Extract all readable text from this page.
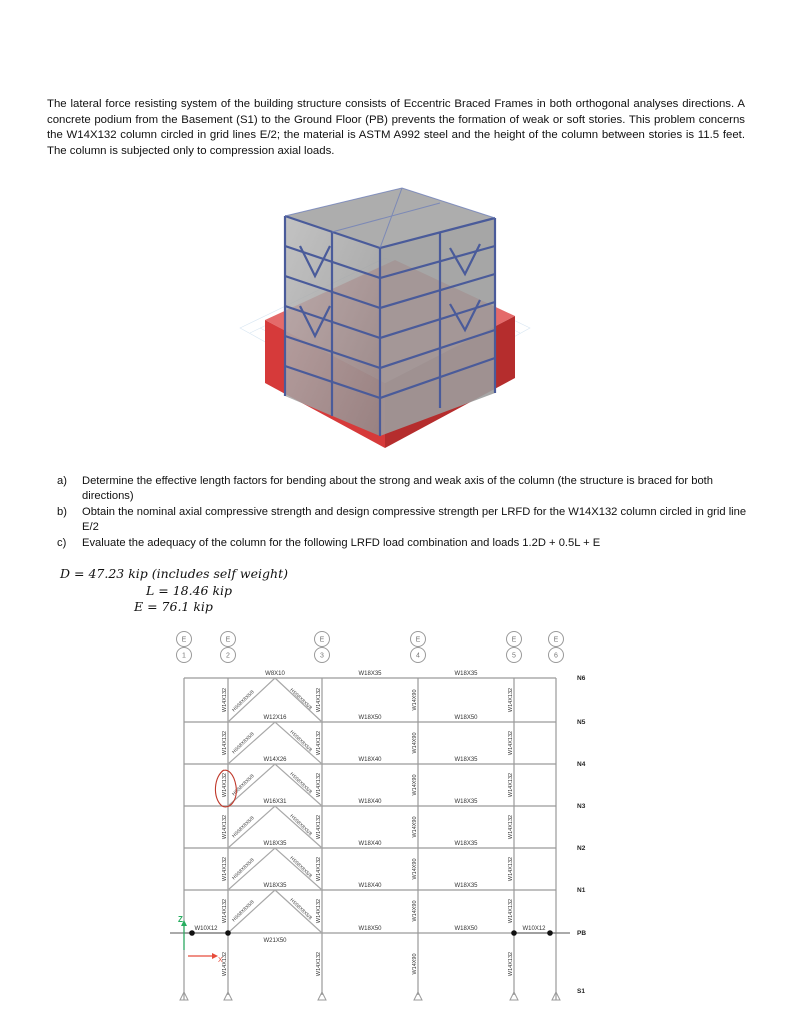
The lateral force resisting system of the building structure consists of Eccentric Braced Frames in both orthogonal analyses directions. A concrete podium from the Basement (S1) to the Ground Floor (PB) prevents the formation of weak or soft stories. This problem concerns the W14X132 column circled in grid lines E/2; the material is ASTM A992 steel and the height of the column between stories is 11.5 feet. The column is subjected only to compression axial loads.

a) Determine the effective length factors for bending about the strong and weak axis of the column (the structure is braced for both directions)
b) Obtain the nominal axial compressive strength and design compressive strength per LRFD for the W14X132 column circled in grid line E/2
c) Evaluate the adequacy of the column for the following LRFD load combination and loads 1.2D + 0.5L + E
D = 47.23 kip (includes self weight)
L = 18.46 kip
E = 76.1 kip
E
1
E
2
E
3
E
4
E
5
E
6
N6
N5
N4
N3
N2
N1
PB
S1
W8X10
W12X16
W14X26
W16X31
W18X35
W18X35
W21X50
W18X35
W18X50
W18X40
W18X40
W18X40
W18X40
W18X50
W18X35
W18X50
W18X35
W18X35
W18X35
W18X35
W18X50
W10X12	W10X12
W14X132
W14X132
W14X132
W14X132
W14X132
W14X132
W14X132
W14X132
W14X132
W14X132
W14X132
W14X132
W14X132
W14X132
W14X90
W14X90
W14X90
W14X90
W14X90
W14X90
W14X90
W14X132
W14X132
W14X132
W14X132
W14X132
W14X132
W14X132
HSS8X8X5/8	HSS8X8X5/8
HSS8X8X5/8	HSS8X8X5/8
HSS8X8X5/8	HSS8X8X5/8
HSS8X8X5/8	HSS8X8X5/8
HSS8X8X5/8	HSS8X8X5/8
HSS8X8X5/8	HSS8X8X5/8
Z
X
